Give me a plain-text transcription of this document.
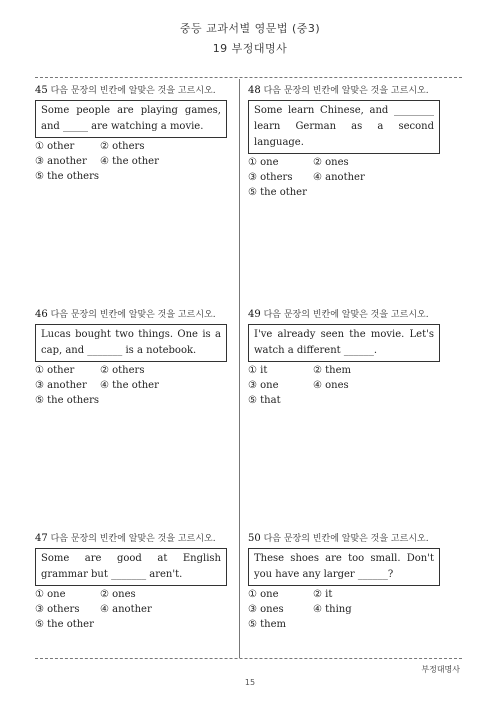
중등 교과서별 영문법 (중3)
19 부정대명사
45 다음 문장의 빈칸에 알맞은 것을 고르시오.
Some people are playing games, and _____ are watching a movie.
① other	② others
③ another	④ the other
⑤ the others
46 다음 문장의 빈칸에 알맞은 것을 고르시오.
Lucas bought two things. One is a cap, and _______ is a notebook.
① other	② others
③ another	④ the other
⑤ the others
47 다음 문장의 빈칸에 알맞은 것을 고르시오.
Some are good at English grammar but _______ aren't.
① one	② ones
③ others	④ another
⑤ the other
48 다음 문장의 빈칸에 알맞은 것을 고르시오.
Some learn Chinese, and ________ learn German as a second language.
① one	② ones
③ others	④ another
⑤ the other
49 다음 문장의 빈칸에 알맞은 것을 고르시오.
I've already seen the movie. Let's watch a different ______.
① it	② them
③ one	④ ones
⑤ that
50 다음 문장의 빈칸에 알맞은 것을 고르시오.
These shoes are too small. Don't you have any larger ______?
① one	② it
③ ones	④ thing
⑤ them
부정대명사
15
